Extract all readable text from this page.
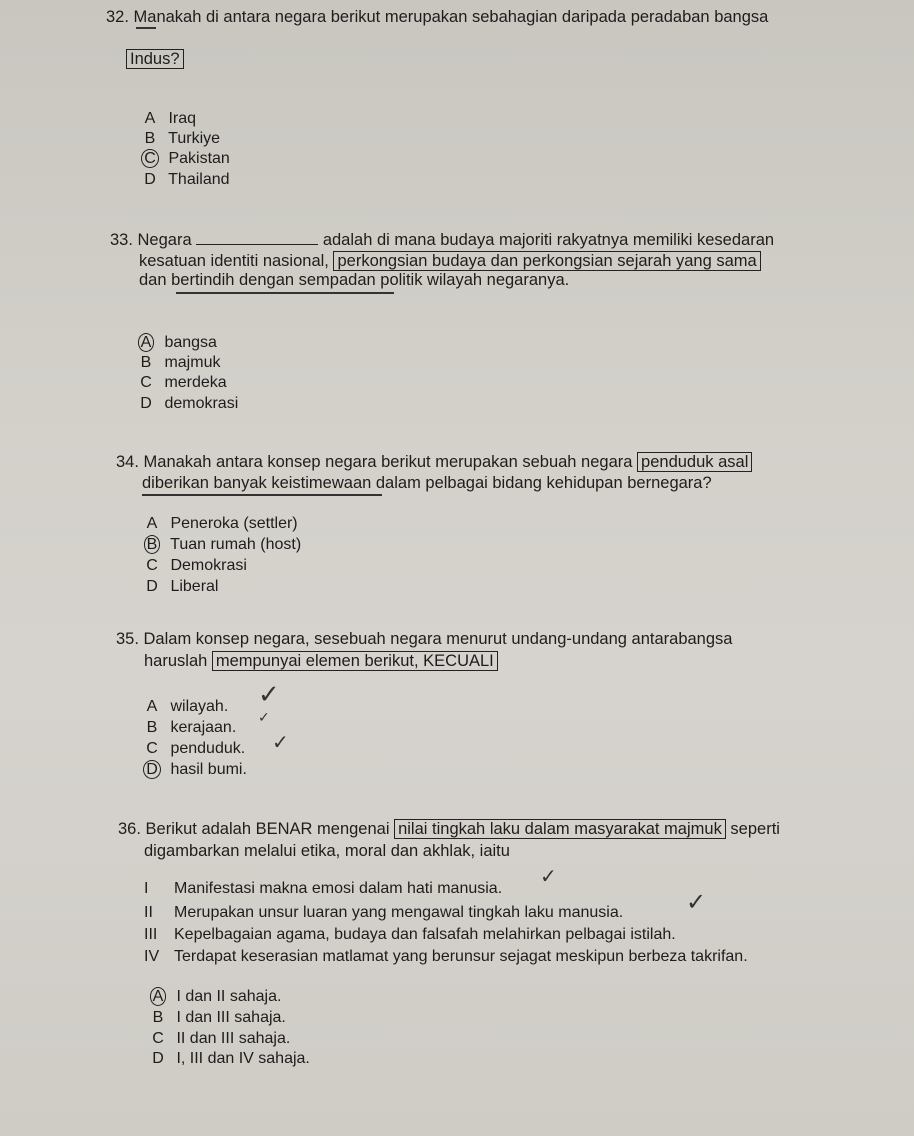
32. Manakah di antara negara berikut merupakan sebahagian daripada peradaban bangsa
Indus?
A Iraq
B Turkiye
C Pakistan
D Thailand
33. Negara	adalah di mana budaya majoriti rakyatnya memiliki kesedaran
kesatuan identiti nasional, perkongsian budaya dan perkongsian sejarah yang sama
dan bertindih dengan sempadan politik wilayah negaranya.
A bangsa
B majmuk
C merdeka
D demokrasi
34. Manakah antara konsep negara berikut merupakan sebuah negara penduduk asal
diberikan banyak keistimewaan dalam pelbagai bidang kehidupan bernegara?
A Peneroka (settler)
B Tuan rumah (host)
C Demokrasi
D Liberal
35. Dalam konsep negara, sesebuah negara menurut undang-undang antarabangsa
haruslah mempunyai elemen berikut, KECUALI
A wilayah.
B kerajaan.
C penduduk.
D hasil bumi.
✓
✓
✓
36. Berikut adalah BENAR mengenai nilai tingkah laku dalam masyarakat majmuk seperti
digambarkan melalui etika, moral dan akhlak, iaitu
I Manifestasi makna emosi dalam hati manusia.
II Merupakan unsur luaran yang mengawal tingkah laku manusia.
III Kepelbagaian agama, budaya dan falsafah melahirkan pelbagai istilah.
IV Terdapat keserasian matlamat yang berunsur sejagat meskipun berbeza takrifan.
✓
✓
A I dan II sahaja.
B I dan III sahaja.
C II dan III sahaja.
D I, III dan IV sahaja.
